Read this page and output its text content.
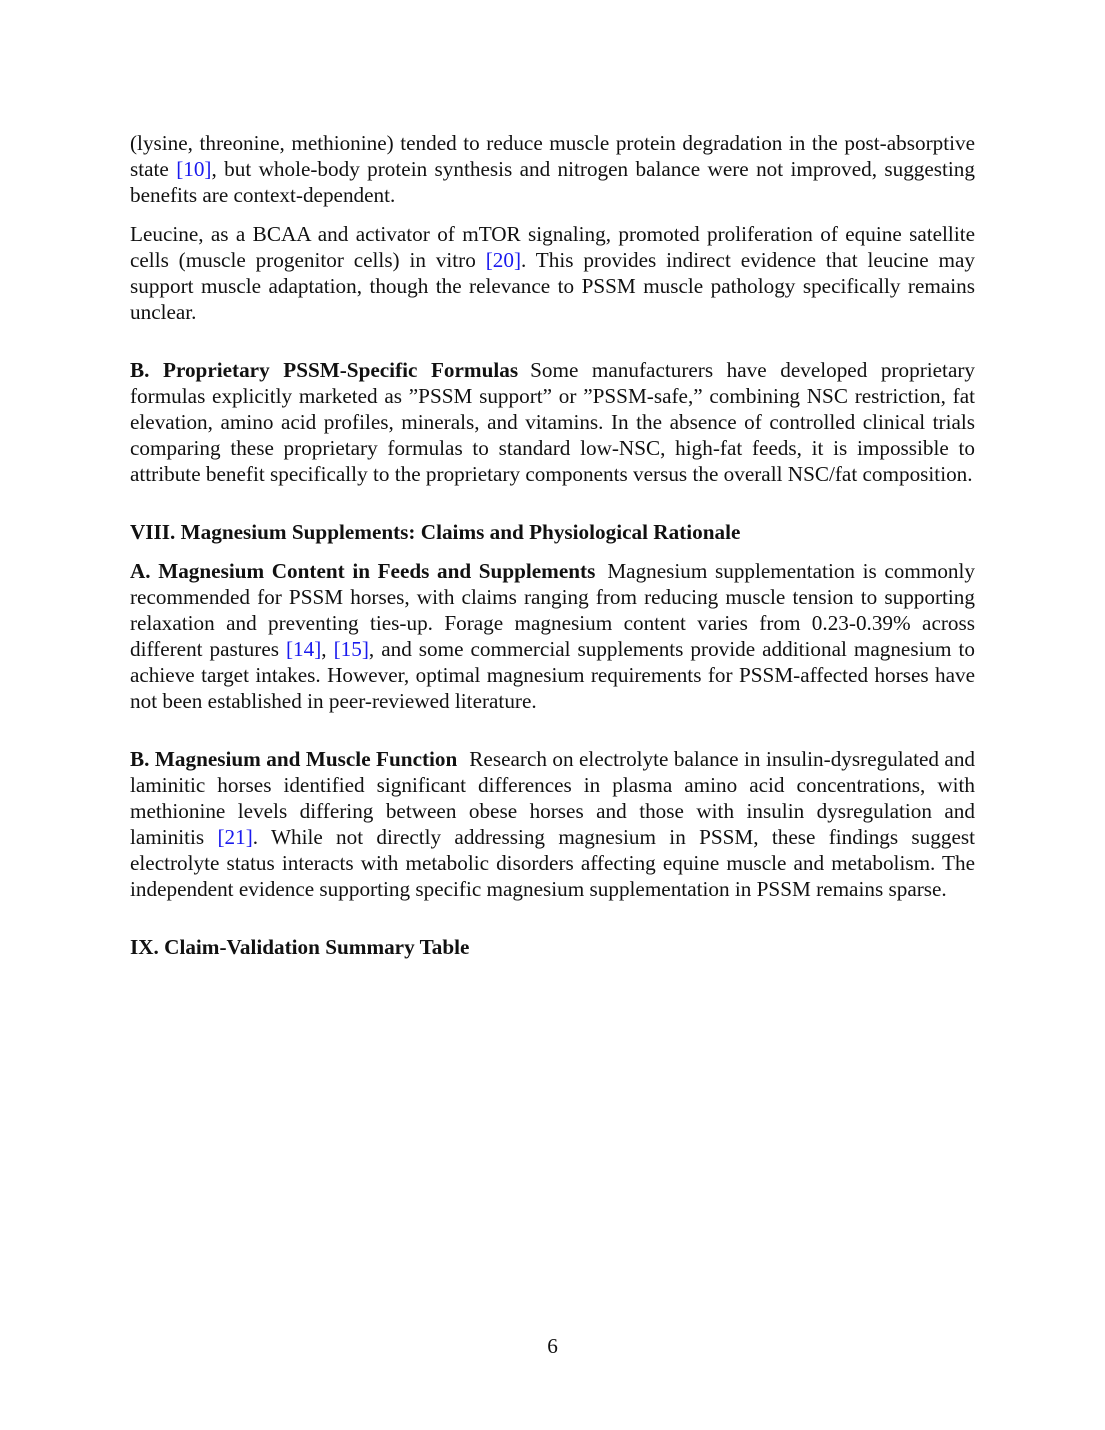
(lysine, threonine, methionine) tended to reduce muscle protein degradation in the post-absorptive state [10], but whole-body protein synthesis and nitrogen balance were not improved, suggesting benefits are context-dependent.

Leucine, as a BCAA and activator of mTOR signaling, promoted proliferation of equine satellite cells (muscle progenitor cells) in vitro [20]. This provides indirect evidence that leucine may support muscle adaptation, though the relevance to PSSM muscle pathology specifically remains unclear.

B. Proprietary PSSM-Specific Formulas Some manufacturers have developed proprietary formulas explicitly marketed as ”PSSM support” or ”PSSM-safe,” combining NSC restriction, fat elevation, amino acid profiles, minerals, and vitamins. In the absence of controlled clinical trials comparing these proprietary formulas to standard low-NSC, high-fat feeds, it is impossible to attribute benefit specifically to the proprietary components versus the overall NSC/fat composition.

VIII. Magnesium Supplements: Claims and Physiological Rationale

A. Magnesium Content in Feeds and Supplements Magnesium supplementation is commonly recommended for PSSM horses, with claims ranging from reducing muscle tension to supporting relaxation and preventing ties-up. Forage magnesium content varies from 0.23-0.39% across different pastures [14], [15], and some commercial supplements provide additional magnesium to achieve target intakes. However, optimal magnesium requirements for PSSM-affected horses have not been established in peer-reviewed literature.

B. Magnesium and Muscle Function Research on electrolyte balance in insulin-dysregulated and laminitic horses identified significant differences in plasma amino acid concentrations, with methionine levels differing between obese horses and those with insulin dysregulation and laminitis [21]. While not directly addressing magnesium in PSSM, these findings suggest electrolyte status interacts with metabolic disorders affecting equine muscle and metabolism. The independent evidence supporting specific magnesium supplementation in PSSM remains sparse.

IX. Claim-Validation Summary Table
6
